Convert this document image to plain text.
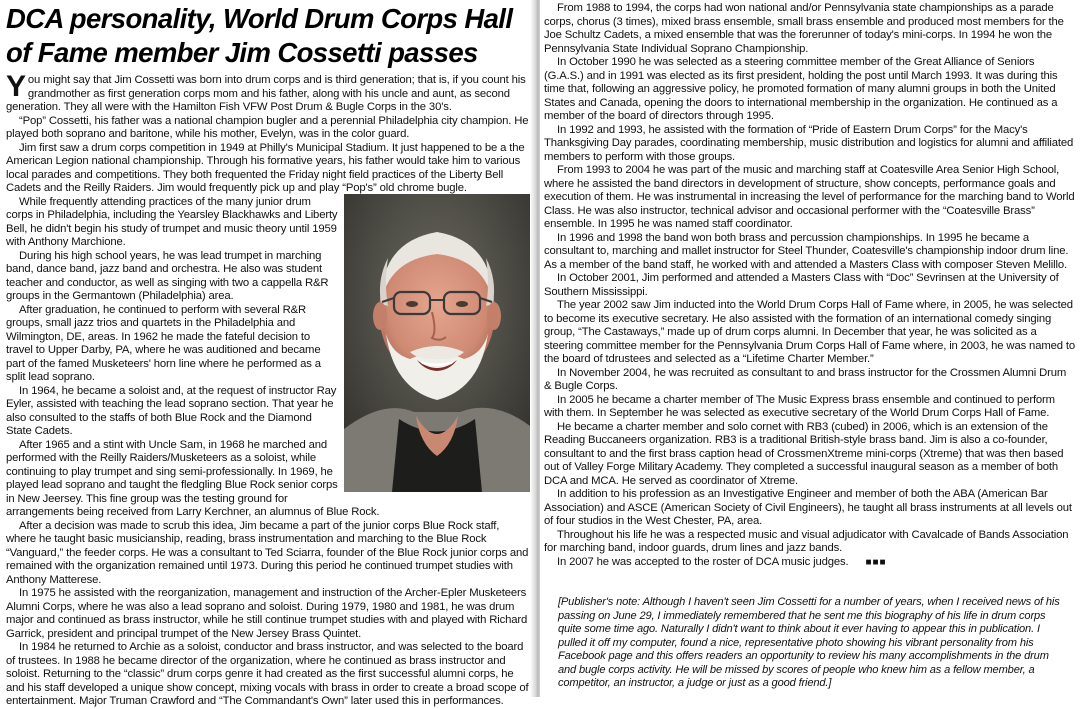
DCA personality, World Drum Corps Hall
of Fame member Jim Cossetti passes

You might say that Jim Cossetti was born into drum corps and is third generation; that is, if you count his grandmother as first generation corps mom and his father, along with his uncle and aunt, as second generation. They all were with the Hamilton Fish VFW Post Drum & Bugle Corps in the 30's.

“Pop” Cossetti, his father was a national champion bugler and a perennial Philadelphia city champion. He played both soprano and baritone, while his mother, Evelyn, was in the color guard.

Jim first saw a drum corps competition in 1949 at Philly's Municipal Stadium. It just happened to be a the American Legion national championship. Through his formative years, his father would take him to various local parades and competitions. They both frequented the Friday night field practices of the Liberty Bell Cadets and the Reilly Raiders. Jim would frequently pick up and play “Pop's” old chrome bugle.

While frequently attending practices of the many junior drum corps in Philadelphia, including the Yearsley Blackhawks and Liberty Bell, he didn't begin his study of trumpet and music theory until 1959 with Anthony Marchione.

During his high school years, he was lead trumpet in marching band, dance band, jazz band and orchestra. He also was student teacher and conductor, as well as singing with two a cappella R&R groups in the Germantown (Philadelphia) area.

After graduation, he continued to perform with several R&R groups, small jazz trios and quartets in the Philadelphia and Wilmington, DE, areas. In 1962 he made the fateful decision to travel to Upper Darby, PA, where he was auditioned and became part of the famed Musketeers' horn line where he performed as a split lead soprano.

In 1964, he became a soloist and, at the request of instructor Ray Eyler, assisted with teaching the lead soprano section. That year he also consulted to the staffs of both Blue Rock and the Diamond State Cadets.

After 1965 and a stint with Uncle Sam, in 1968 he marched and performed with the Reilly Raiders/Musketeers as a soloist, while continuing to play trumpet and sing semi-professionally. In 1969, he played lead soprano and taught the fledgling Blue Rock senior corps in New Jeersey. This fine group was the testing ground for arrangements being received from Larry Kerchner, an alumnus of Blue Rock.

After a decision was made to scrub this idea, Jim became a part of the junior corps Blue Rock staff, where he taught basic musicianship, reading, brass instrumentation and marching to the Blue Rock “Vanguard,” the feeder corps. He was a consultant to Ted Sciarra, founder of the Blue Rock junior corps and remained with the organization remained until 1973. During this period he continued trumpet studies with Anthony Matterese.

In 1975 he assisted with the reorganization, management and instruction of the Archer-Epler Musketeers Alumni Corps, where he was also a lead soprano and soloist. During 1979, 1980 and 1981, he was drum major and continued as brass instructor, while he still continue trumpet studies with and played with Richard Garrick, president and principal trumpet of the New Jersey Brass Quintet.

In 1984 he returned to Archie as a soloist, conductor and brass instructor, and was selected to the board of trustees. In 1988 he became director of the organization, where he continued as brass instructor and soloist. Returning to the “classic” drum corps genre it had created as the first successful alumni corps, he and his staff developed a unique show concept, mixing vocals with brass in order to create a broad scope of entertainment. Major Truman Crawford and “The Commandant's Own” later used this in performances.

From 1988 to 1994, the corps had won national and/or Pennsylvania state championships as a parade corps, chorus (3 times), mixed brass ensemble, small brass ensemble and produced most members for the Joe Schultz Cadets, a mixed ensemble that was the forerunner of today's mini-corps. In 1994 he won the Pennsylvania State Individual Soprano Championship.

In October 1990 he was selected as a steering committee member of the Great Alliance of Seniors (G.A.S.) and in 1991 was elected as its first president, holding the post until March 1993. It was during this time that, following an aggressive policy, he promoted formation of many alumni groups in both the United States and Canada, opening the doors to international membership in the organization. He continued as a member of the board of directors through 1995.

In 1992 and 1993, he assisted with the formation of “Pride of Eastern Drum Corps” for the Macy's Thanksgiving Day parades, coordinating membership, music distribution and logistics for alumni and affiliated members to perform with those groups.

From 1993 to 2004 he was part of the music and marching staff at Coatesville Area Senior High School, where he assisted the band directors in development of structure, show concepts, performance goals and execution of them. He was instrumental in increasing the level of performance for the marching band to World Class. He was also instructor, technical advisor and occasional performer with the “Coatesville Brass” ensemble. In 1995 he was named staff coordinator.

In 1996 and 1998 the band won both brass and percussion championships. In 1995 he became a consultant to, marching and mallet instructor for Steel Thunder, Coatesville's championship indoor drum line. As a member of the band staff, he worked with and attended a Masters Class with composer Steven Melillo.

In October 2001, Jim performed and attended a Masters Class with “Doc” Sevrinsen at the University of Southern Mississippi.

The year 2002 saw Jim inducted into the World Drum Corps Hall of Fame where, in 2005, he was selected to become its executive secretary. He also assisted with the formation of an international comedy singing group, “The Castaways,” made up of drum corps alumni. In December that year, he was solicited as a steering committee member for the Pennsylvania Drum Corps Hall of Fame where, in 2003, he was named to the board of tdrustees and selected as a “Lifetime Charter Member.”

In November 2004, he was recruited as consultant to and brass instructor for the Crossmen Alumni Drum & Bugle Corps.

In 2005 he became a charter member of The Music Express brass ensemble and continued to perform with them. In September he was selected as executive secretary of the World Drum Corps Hall of Fame.

He became a charter member and solo cornet with RB3 (cubed) in 2006, which is an extension of the Reading Buccaneers organization. RB3 is a traditional British-style brass band. Jim is also a co-founder, consultant to and the first brass caption head of CrossmenXtreme mini-corps (Xtreme) that was then based out of Valley Forge Military Academy. They completed a successful inaugural season as a member of both DCA and MCA. He served as coordinator of Xtreme.

In addition to his profession as an Investigative Engineer and member of both the ABA (American Bar Association) and ASCE (American Society of Civil Engineers), he taught all brass instruments at all levels out of four studios in the West Chester, PA, area.

Throughout his life he was a respected music and visual adjudicator with Cavalcade of Bands Association for marching band, indoor guards, drum lines and jazz bands.

In 2007 he was accepted to the roster of DCA music judges. ■■■

[Publisher's note: Although I haven't seen Jim Cossetti for a number of years, when I received news of his passing on June 29, I immediately remembered that he sent me this biography of his life in drum corps quite some time ago. Naturally I didn't want to think about it ever having to appear this in publication. I pulled it off my computer, found a nice, representative photo showing his vibrant personality from his Facebook page and this offers readers an opportunity to review his many accomplishments in the drum and bugle corps activity. He will be missed by scores of people who knew him as a fellow member, a competitor, an instructor, a judge or just as a good friend.]
